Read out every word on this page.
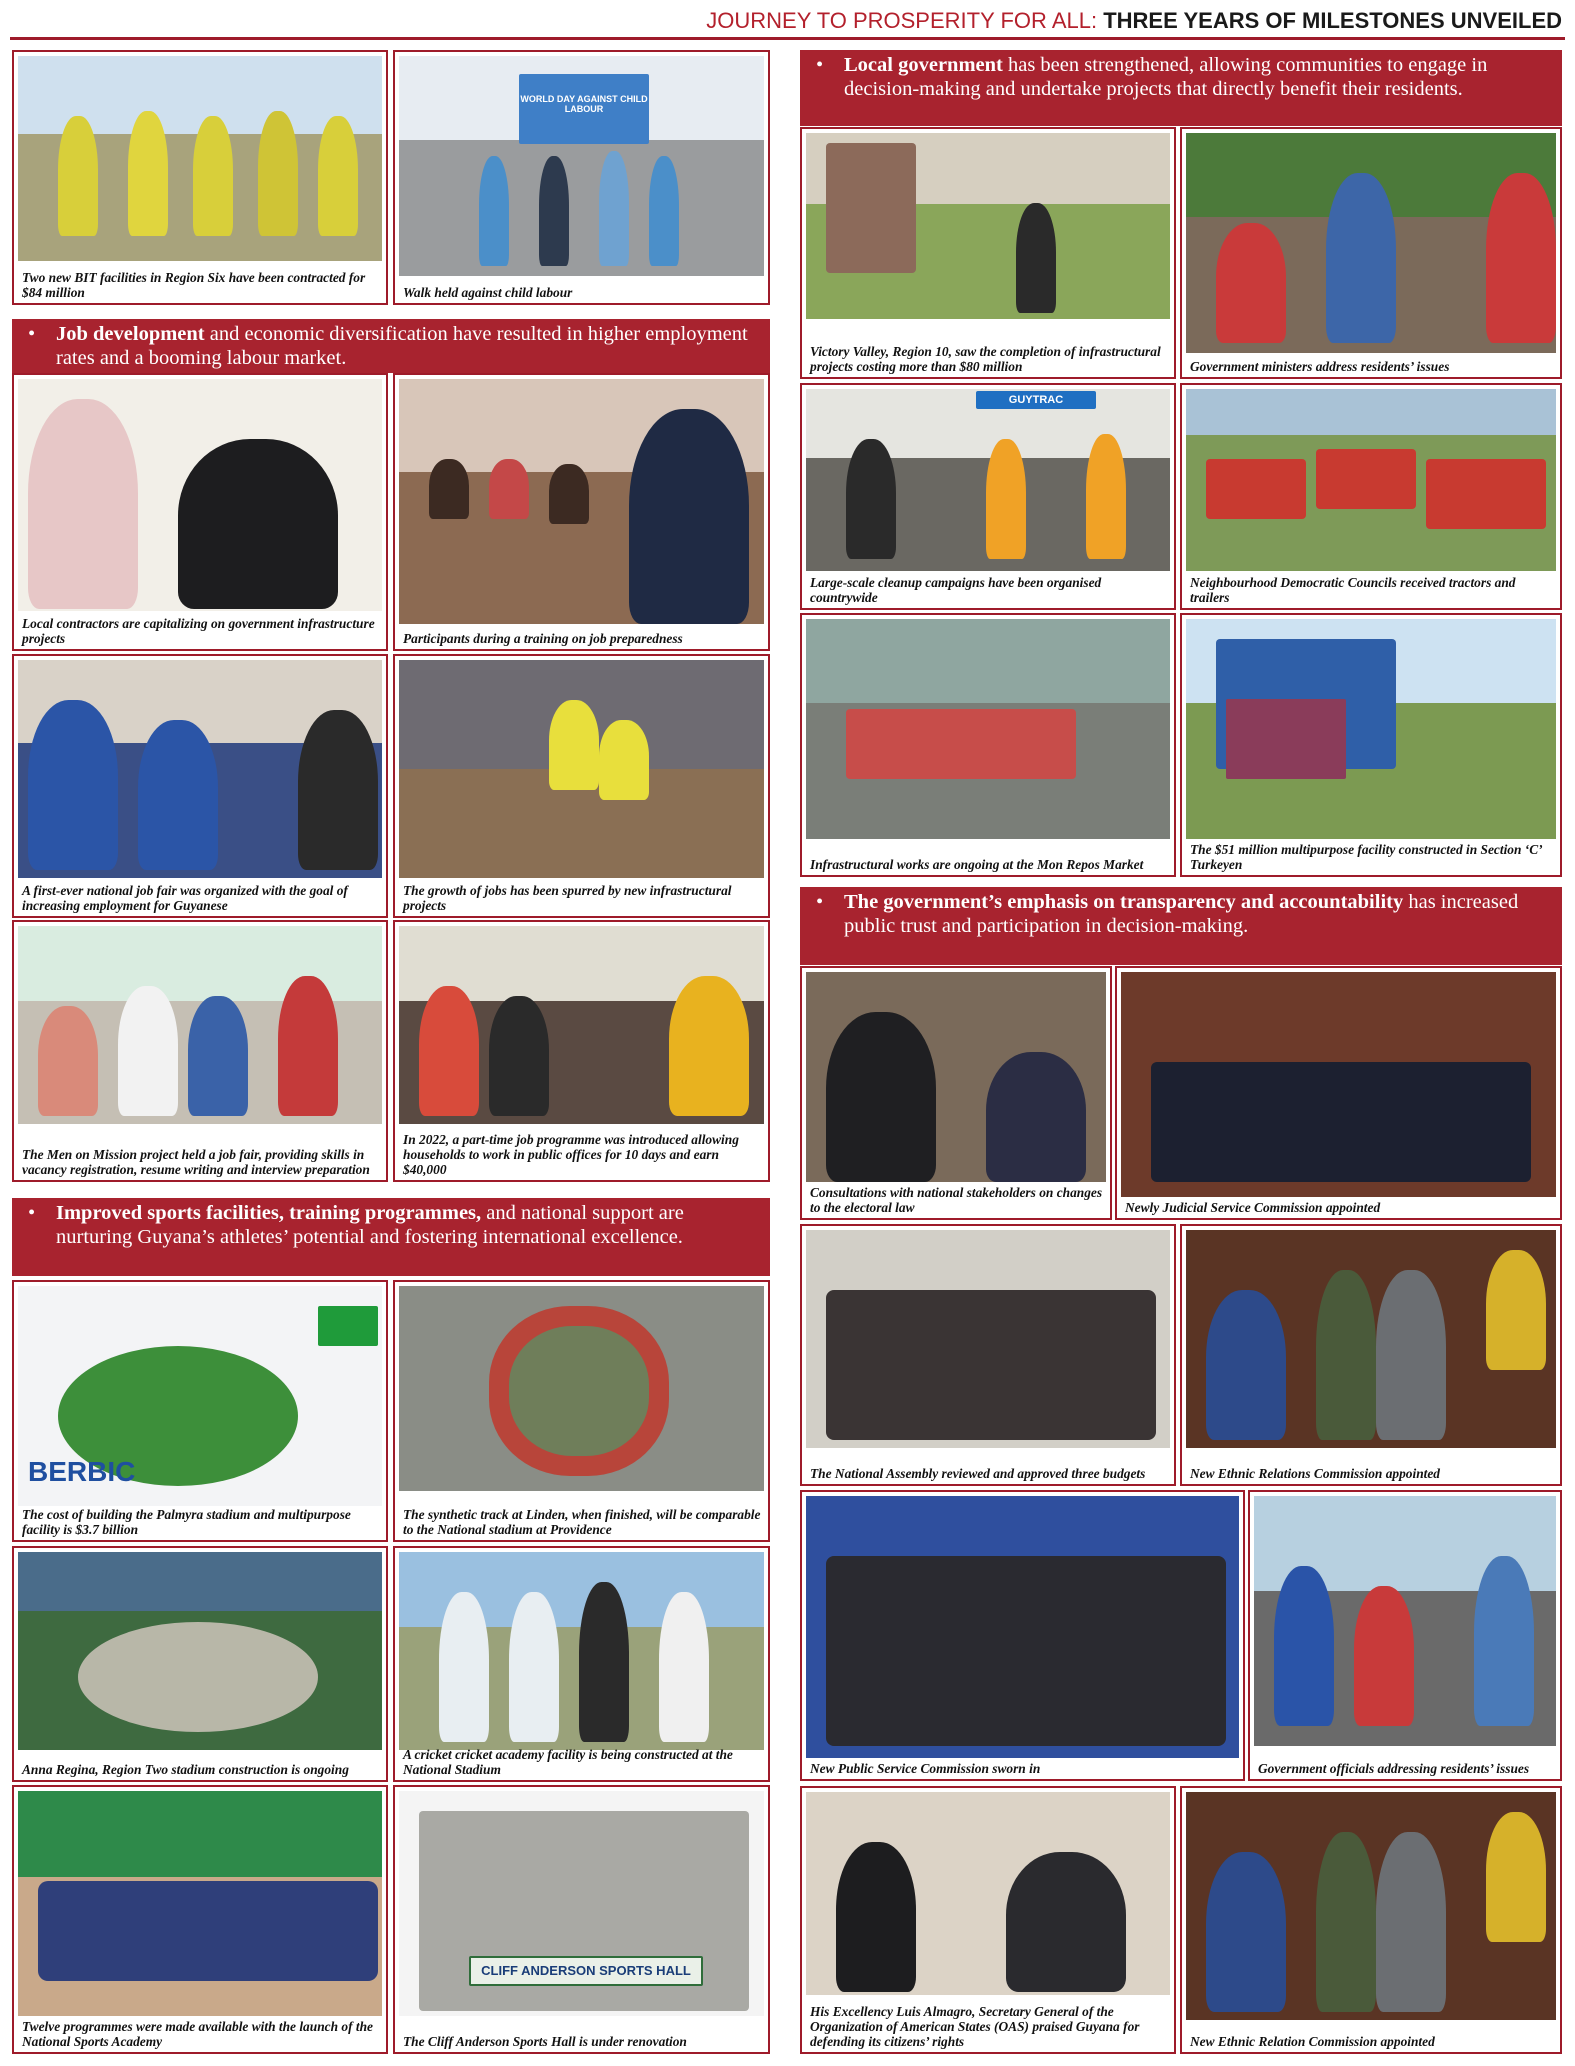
JOURNEY TO PROSPERITY FOR ALL: THREE YEARS OF MILESTONES UNVEILED
• Local government has been strengthened, allowing communities to engage in decision-making and undertake projects that directly benefit their residents.
• Job development and economic diversification have resulted in higher employment rates and a booming labour market.
• Improved sports facilities, training programmes, and national support are nurturing Guyana’s athletes’ potential and fostering international excellence.
• The government’s emphasis on transparency and accountability has increased public trust and participation in decision-making.
Two new BIT facilities in Region Six have been contracted for $84 million
WORLD DAY AGAINST CHILD LABOUR
Walk held against child labour
Local contractors are capitalizing on government infrastructure projects	Participants during a training on job preparedness
A first-ever national job fair was organized with the goal of increasing employment for Guyanese
The growth of jobs has been spurred by new infrastructural projects
The Men on Mission project held a job fair, providing skills in vacancy registration, resume writing and interview preparation
In 2022, a part-time job programme was introduced allowing households to work in public offices for 10 days and earn $40,000
BERBIC
The cost of building the Palmyra stadium and multipurpose facility is $3.7 billion
The synthetic track at Linden, when finished, will be comparable to the National stadium at Providence
Anna Regina, Region Two stadium construction is ongoing
A cricket cricket academy facility is being constructed at the National Stadium
Twelve programmes were made available with the launch of the National Sports Academy
CLIFF ANDERSON SPORTS HALL
The Cliff Anderson Sports Hall is under renovation
Victory Valley, Region 10, saw the completion of infrastructural projects costing more than $80 million	Government ministers address residents’ issues
GUYTRAC
Large-scale cleanup campaigns have been organised countrywide
Neighbourhood Democratic Councils received tractors and trailers
Infrastructural works are ongoing at the Mon Repos Market
The $51 million multipurpose facility constructed in Section ‘C’ Turkeyen
Consultations with national stakeholders on changes to the electoral law	Newly Judicial Service Commission appointed
The National Assembly reviewed and approved three budgets	New Ethnic Relations Commission appointed
New Public Service Commission sworn in	Government officials addressing residents’ issues
His Excellency Luis Almagro, Secretary General of the Organization of American States (OAS) praised Guyana for defending its citizens’ rights	New Ethnic Relation Commission appointed
